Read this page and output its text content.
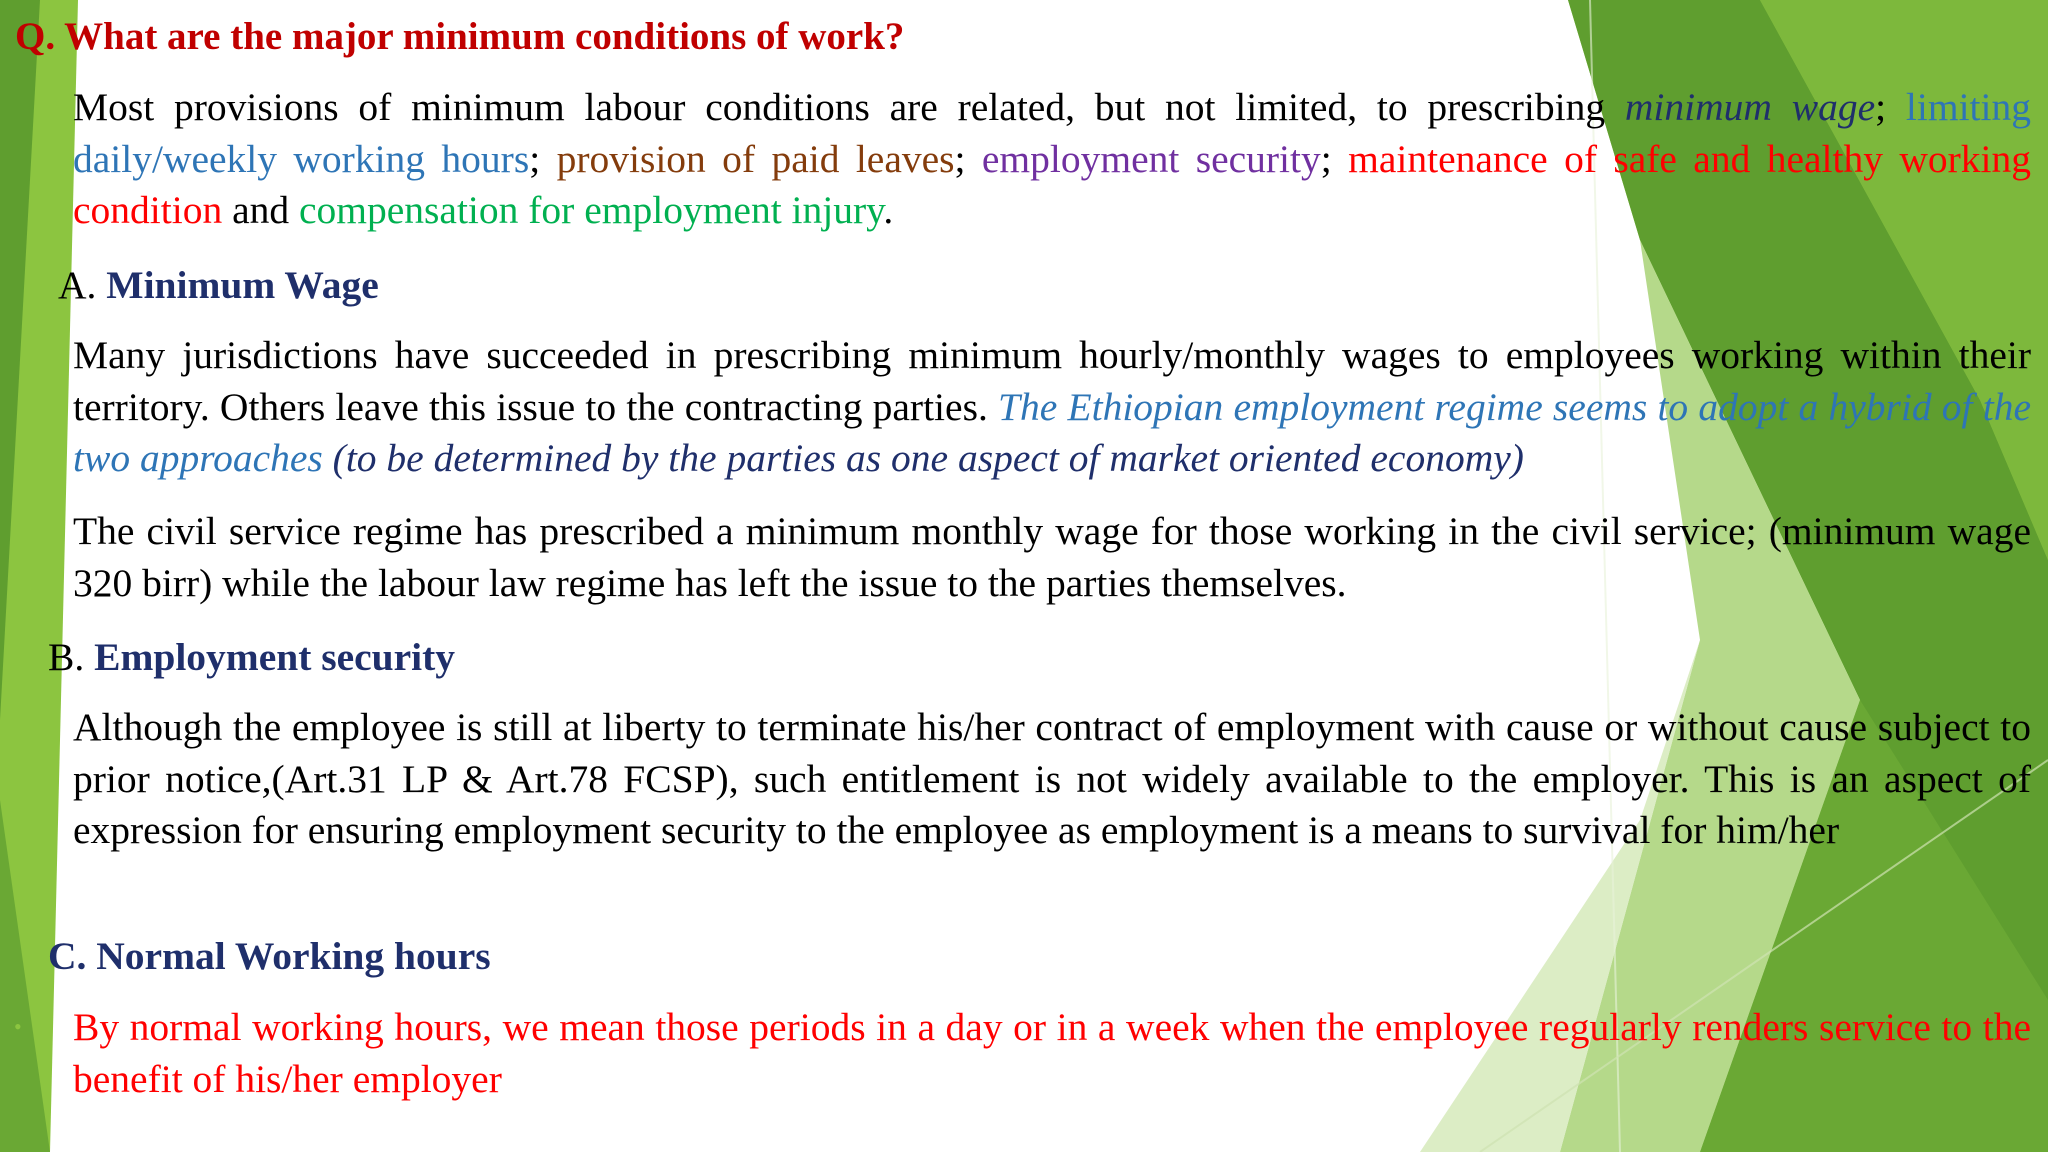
Q. What are the major minimum conditions of work?
Most provisions of minimum labour conditions are related, but not limited, to prescribing minimum wage; limiting daily/weekly working hours; provision of paid leaves; employment security; maintenance of safe and healthy working condition and compensation for employment injury.
A. Minimum Wage
Many jurisdictions have succeeded in prescribing minimum hourly/monthly wages to employees working within their territory. Others leave this issue to the contracting parties. The Ethiopian employment regime seems to adopt a hybrid of the two approaches (to be determined by the parties as one aspect of market oriented economy)
The civil service regime has prescribed a minimum monthly wage for those working in the civil service; (minimum wage 320 birr) while the labour law regime has left the issue to the parties themselves.
B. Employment security
Although the employee is still at liberty to terminate his/her contract of employment with cause or without cause subject to prior notice,(Art.31 LP & Art.78 FCSP), such entitlement is not widely available to the employer. This is an aspect of expression for ensuring employment security to the employee as employment is a means to survival for him/her
C. Normal Working hours
• By normal working hours, we mean those periods in a day or in a week when the employee regularly renders service to the benefit of his/her employer
